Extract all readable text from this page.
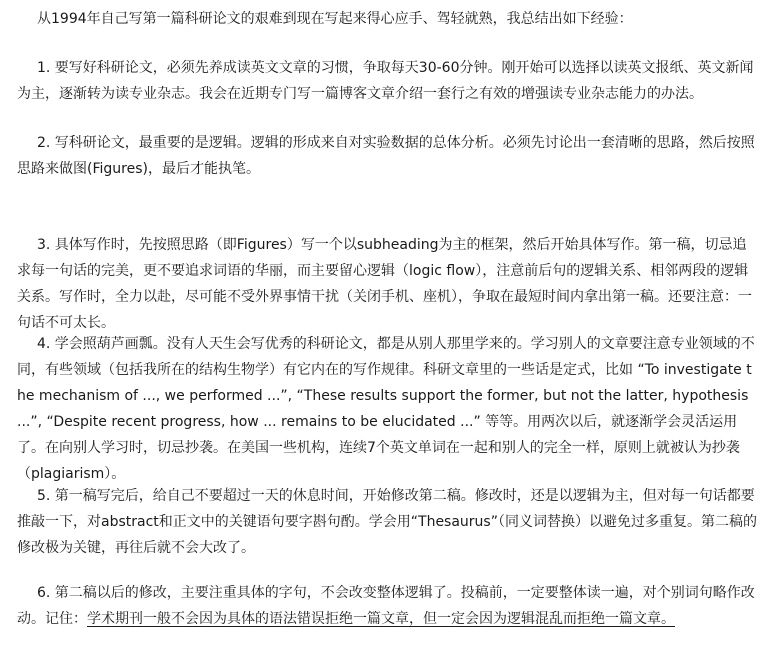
从1994年自己写第一篇科研论文的艰难到现在写起来得心应手、驾轻就熟，我总结出如下经验：

1. 要写好科研论文，必须先养成读英文文章的习惯，争取每天30-60分钟。刚开始可以选择以读英文报纸、英文新闻为主，逐渐转为读专业杂志。我会在近期专门写一篇博客文章介绍一套行之有效的增强读专业杂志能力的办法。

2. 写科研论文，最重要的是逻辑。逻辑的形成来自对实验数据的总体分析。必须先讨论出一套清晰的思路，然后按照思路来做图(Figures)，最后才能执笔。

3. 具体写作时，先按照思路（即Figures）写一个以subheading为主的框架，然后开始具体写作。第一稿，切忌追求每一句话的完美，更不要追求词语的华丽，而主要留心逻辑（logic flow），注意前后句的逻辑关系、相邻两段的逻辑关系。写作时，全力以赴，尽可能不受外界事情干扰（关闭手机、座机），争取在最短时间内拿出第一稿。还要注意：一句话不可太长。

4. 学会照葫芦画瓢。没有人天生会写优秀的科研论文，都是从别人那里学来的。学习别人的文章要注意专业领域的不同，有些领域（包括我所在的结构生物学）有它内在的写作规律。科研文章里的一些话是定式，比如 “To investigate the mechanism of ..., we performed ...”, “These results support the former, but not the latter, hypothesis ...”, “Despite recent progress, how ... remains to be elucidated ...” 等等。用两次以后，就逐渐学会灵活运用了。在向别人学习时，切忌抄袭。在美国一些机构，连续7个英文单词在一起和别人的完全一样，原则上就被认为抄袭（plagiarism）。

5. 第一稿写完后，给自己不要超过一天的休息时间，开始修改第二稿。修改时，还是以逻辑为主，但对每一句话都要推敲一下，对abstract和正文中的关键语句要字斟句酌。学会用“Thesaurus”（同义词替换）以避免过多重复。第二稿的修改极为关键，再往后就不会大改了。

6. 第二稿以后的修改，主要注重具体的字句，不会改变整体逻辑了。投稿前，一定要整体读一遍，对个别词句略作改动。记住：学术期刊一般不会因为具体的语法错误拒绝一篇文章，但一定会因为逻辑混乱而拒绝一篇文章。
